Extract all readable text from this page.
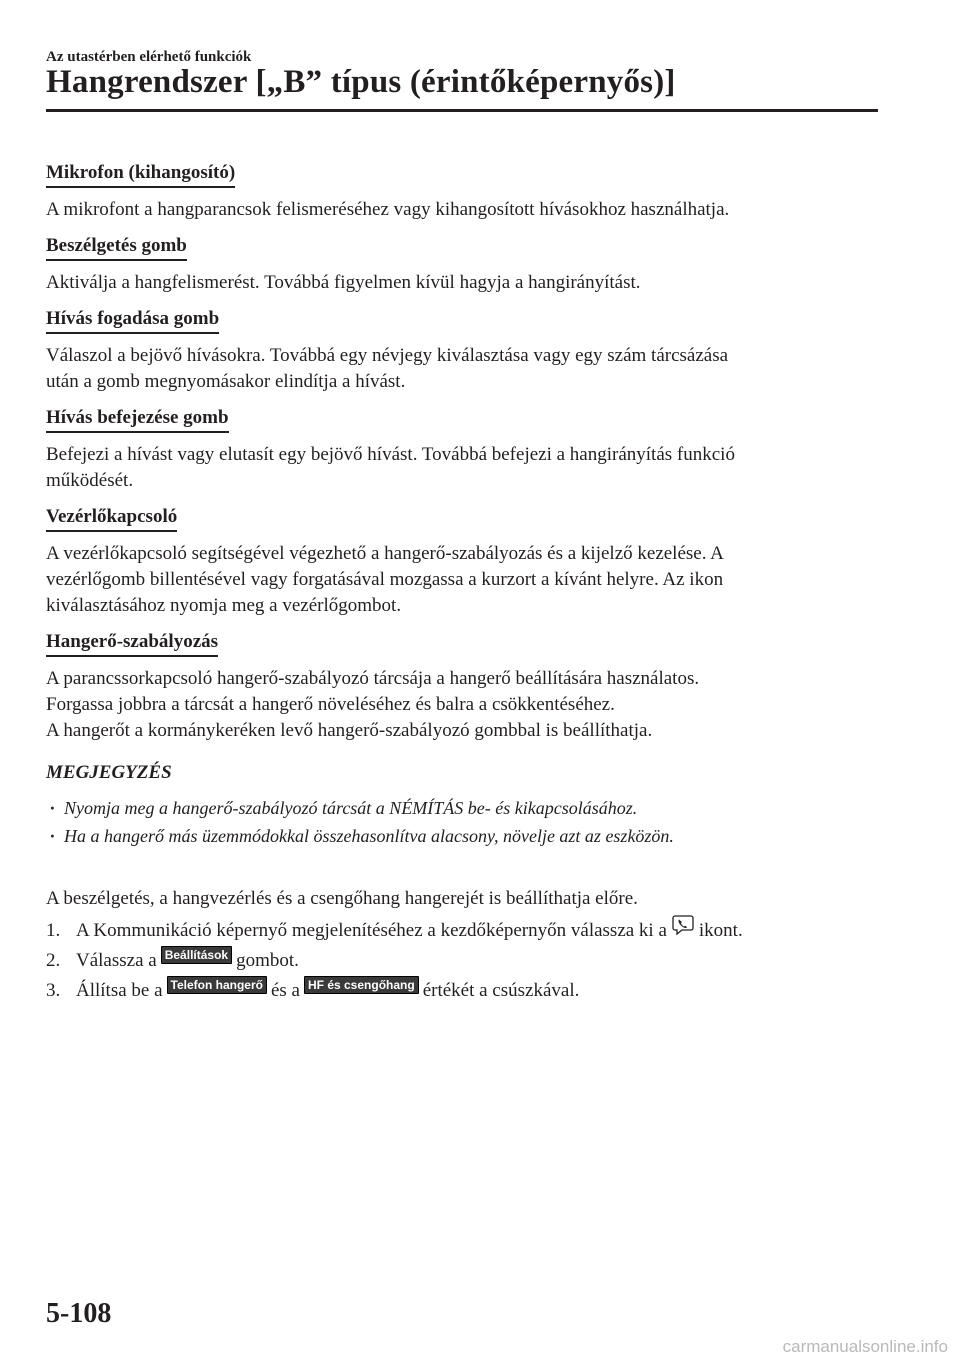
Az utastérben elérhető funkciók
Hangrendszer [„B” típus (érintőképernyős)]
Mikrofon (kihangosító)

A mikrofont a hangparancsok felismeréséhez vagy kihangosított hívásokhoz használhatja.

Beszélgetés gomb

Aktiválja a hangfelismerést. Továbbá figyelmen kívül hagyja a hangirányítást.

Hívás fogadása gomb

Válaszol a bejövő hívásokra. Továbbá egy névjegy kiválasztása vagy egy szám tárcsázása
után a gomb megnyomásakor elindítja a hívást.

Hívás befejezése gomb

Befejezi a hívást vagy elutasít egy bejövő hívást. Továbbá befejezi a hangirányítás funkció
működését.

Vezérlőkapcsoló

A vezérlőkapcsoló segítségével végezhető a hangerő-szabályozás és a kijelző kezelése. A
vezérlőgomb billentésével vagy forgatásával mozgassa a kurzort a kívánt helyre. Az ikon
kiválasztásához nyomja meg a vezérlőgombot.

Hangerő-szabályozás

A parancssorkapcsoló hangerő-szabályozó tárcsája a hangerő beállítására használatos.
Forgassa jobbra a tárcsát a hangerő növeléséhez és balra a csökkentéséhez.
A hangerőt a kormánykeréken levő hangerő-szabályozó gombbal is beállíthatja.

MEGJEGYZÉS
· Nyomja meg a hangerő-szabályozó tárcsát a NÉMÍTÁS be- és kikapcsolásához.
· Ha a hangerő más üzemmódokkal összehasonlítva alacsony, növelje azt az eszközön.

A beszélgetés, a hangvezérlés és a csengőhang hangerejét is beállíthatja előre.

1. A Kommunikáció képernyő megjelenítéséhez a kezdőképernyőn válassza ki a ikont.
2. Válassza a Beállítások gombot.
3. Állítsa be a Telefon hangerő és a HF és csengőhang értékét a csúszkával.
5-108
carmanualsonline.info
